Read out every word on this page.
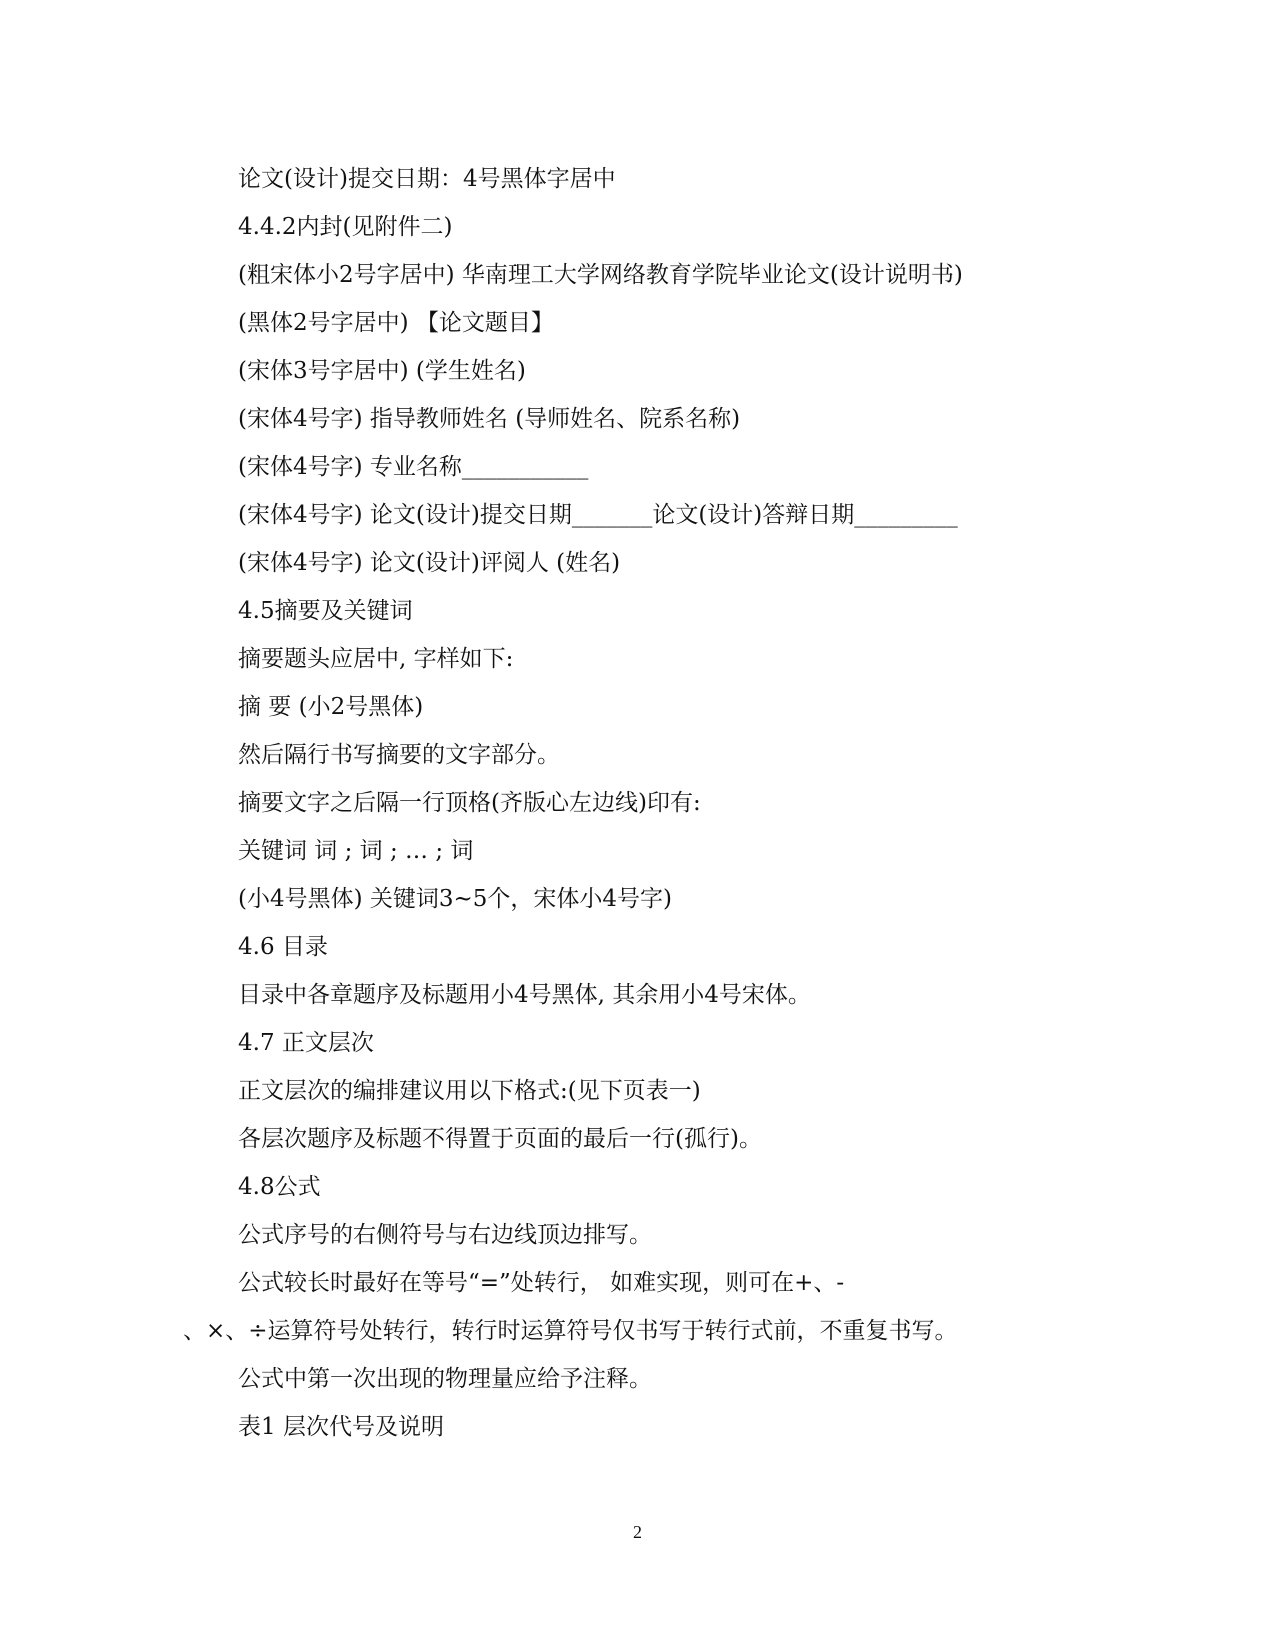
论文(设计)提交日期：4号黑体字居中
4.4.2内封(见附件二)
(粗宋体小2号字居中) 华南理工大学网络教育学院毕业论文(设计说明书)
(黑体2号字居中) 【论文题目】
(宋体3号字居中) (学生姓名)
(宋体4号字) 指导教师姓名 (导师姓名、院系名称)
(宋体4号字) 专业名称___________
(宋体4号字) 论文(设计)提交日期_______论文(设计)答辩日期_________
(宋体4号字) 论文(设计)评阅人 (姓名)
4.5摘要及关键词
摘要题头应居中, 字样如下:
摘 要 (小2号黑体)
然后隔行书写摘要的文字部分。
摘要文字之后隔一行顶格(齐版心左边线)印有:
关键词 词 ; 词 ; … ; 词
(小4号黑体) 关键词3~5个，宋体小4号字)
4.6 目录
目录中各章题序及标题用小4号黑体, 其余用小4号宋体。
4.7 正文层次
正文层次的编排建议用以下格式:(见下页表一)
各层次题序及标题不得置于页面的最后一行(孤行)。
4.8公式
公式序号的右侧符号与右边线顶边排写。
公式较长时最好在等号“=”处转行， 如难实现，则可在+、-
、×、÷运算符号处转行，转行时运算符号仅书写于转行式前，不重复书写。
公式中第一次出现的物理量应给予注释。
表1 层次代号及说明
2
